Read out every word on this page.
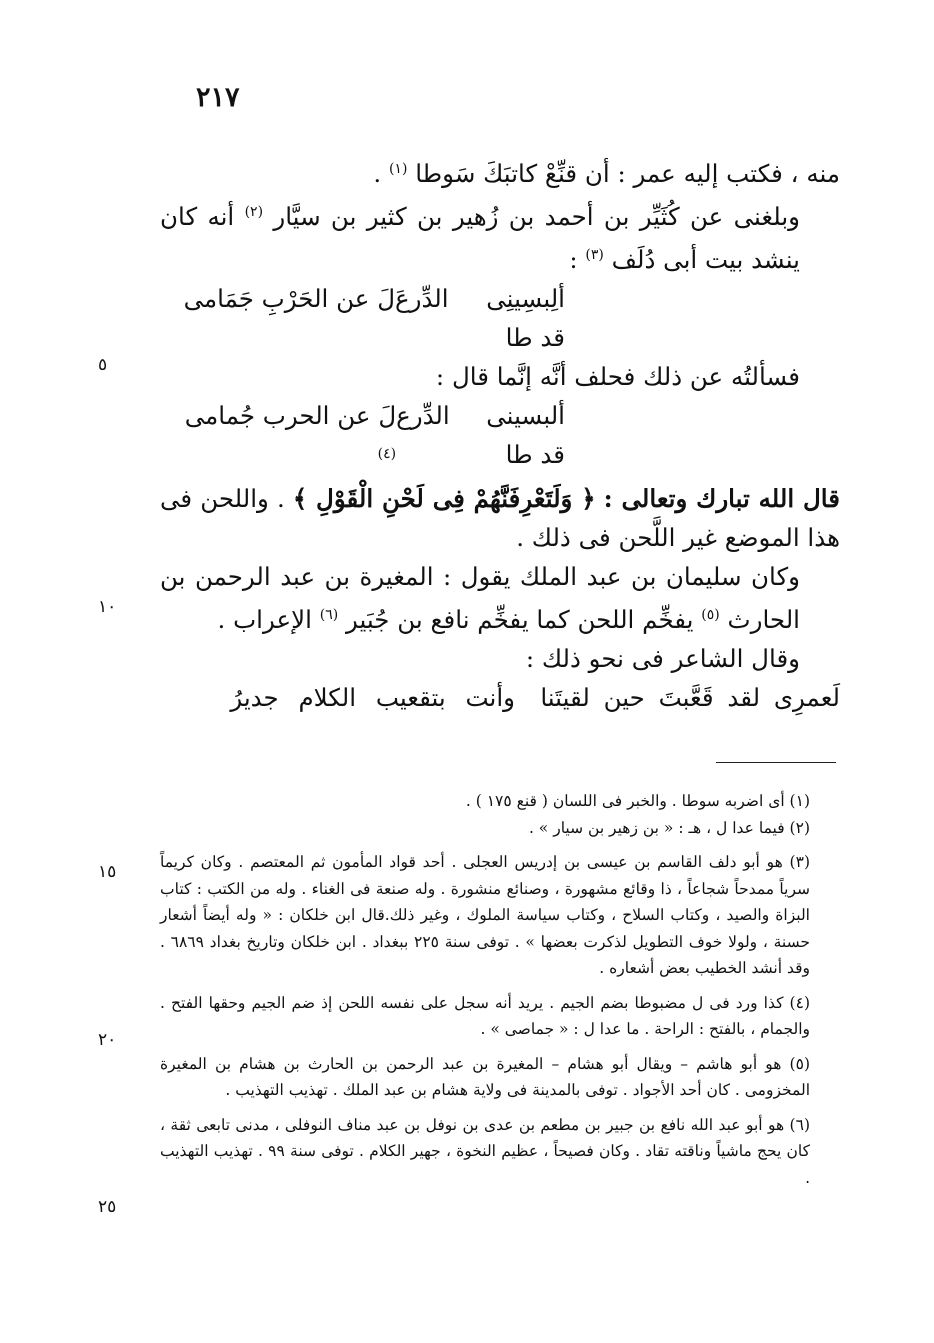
٢١٧
٥
١٠
١٥
٢٠
٢٥

منه ، فكتب إليه عمر : أن قنِّعْ كاتبَكَ سَوطا $^{(١)}$ .

وبلغنى عن كُثَيِّر بن أحمد بن زُهير بن كثير بن سيَّار $^{(٢)}$ أنه كان ينشد بيت أبى دُلَف $^{(٣)}$ :

ألِبسِينِى الدِّرعَ قد طا
لَ عن الحَرْبِ جَمَامى

فسألتُه عن ذلك فحلف أنَّه إنَّما قال :

ألبسينى الدِّرع قد طا
لَ عن الحرب جُمامى (٤)

قال الله تبارك وتعالى : ﴿ وَلَتَعْرِفَنَّهُمْ فِى لَحْنِ الْقَوْلِ ﴾ . واللحن فى هذا الموضع غير اللَّحن فى ذلك .

وكان سليمان بن عبد الملك يقول : المغيرة بن عبد الرحمن بن الحارث $^{(٥)}$ يفخِّم اللحن كما يفخِّم نافع بن جُبَير $^{(٦)}$ الإعراب .

وقال الشاعر فى نحو ذلك :

لَعمرِى لقد قَعَّبتَ حين لقيتَنا
وأنت بتقعيب الكلام جديرُ

(١) أى اضربه سوطا . والخبر فى اللسان ( قنع ١٧٥ ) .

(٢) فيما عدا ل ، هـ : « بن زهير بن سيار » .

(٣) هو أبو دلف القاسم بن عيسى بن إدريس العجلى . أحد قواد المأمون ثم المعتصم . وكان كريماً سرياً ممدحاً شجاعاً ، ذا وقائع مشهورة ، وصنائع منشورة . وله صنعة فى الغناء . وله من الكتب : كتاب البزاة والصيد ، وكتاب السلاح ، وكتاب سياسة الملوك ، وغير ذلك.قال ابن خلكان : « وله أيضاً أشعار حسنة ، ولولا خوف التطويل لذكرت بعضها » . توفى سنة ٢٢٥ ببغداد . ابن خلكان وتاريخ بغداد ٦٨٦٩ . وقد أنشد الخطيب بعض أشعاره .

(٤) كذا ورد فى ل مضبوطا بضم الجيم . يريد أنه سجل على نفسه اللحن إذ ضم الجيم وحقها الفتح . والجمام ، بالفتح : الراحة . ما عدا ل : « جماصى » .

(٥) هو أبو هاشم – ويقال أبو هشام – المغيرة بن عبد الرحمن بن الحارث بن هشام بن المغيرة المخزومى . كان أحد الأجواد . توفى بالمدينة فى ولاية هشام بن عبد الملك . تهذيب التهذيب .

(٦) هو أبو عبد الله نافع بن جبير بن مطعم بن عدى بن نوفل بن عبد مناف النوفلى ، مدنى تابعى ثقة ، كان يحج ماشياً وناقته تقاد . وكان فصيحاً ، عظيم النخوة ، جهير الكلام . توفى سنة ٩٩ . تهذيب التهذيب .
